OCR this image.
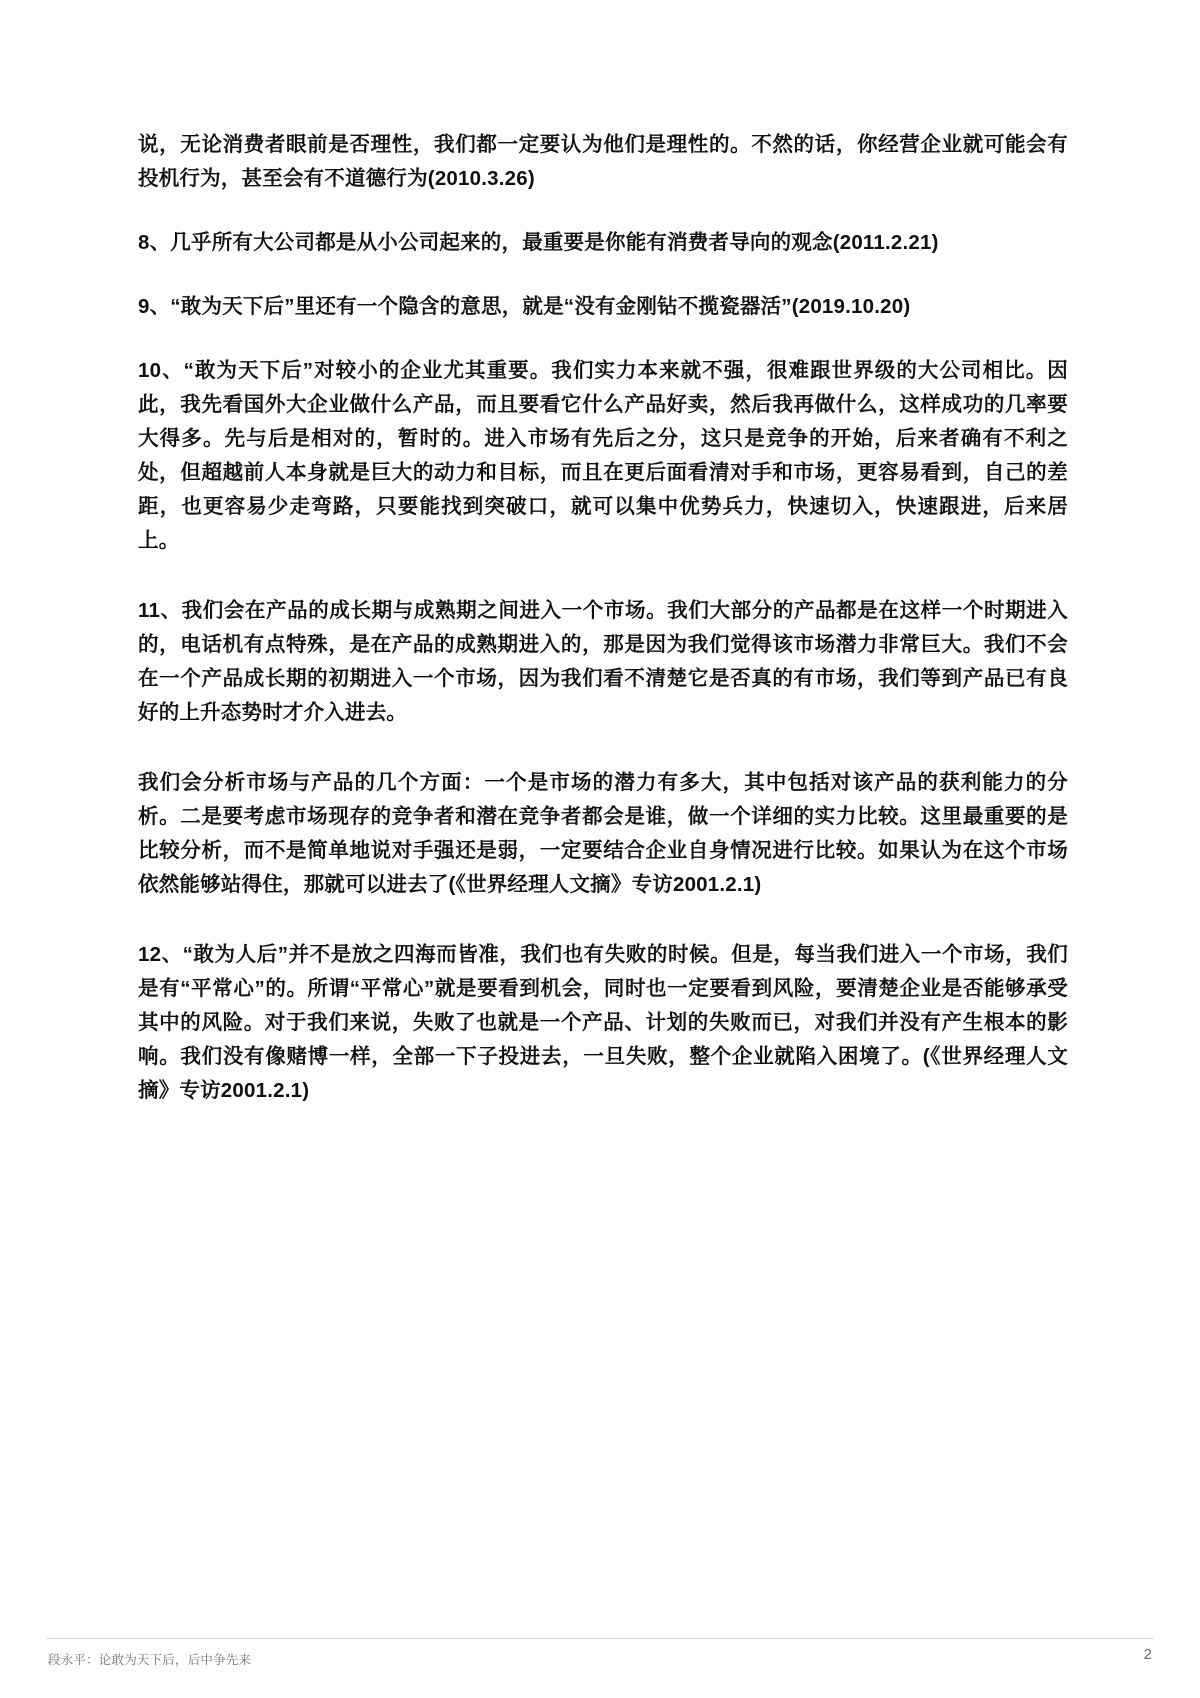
说，无论消费者眼前是否理性，我们都一定要认为他们是理性的。不然的话，你经营企业就可能会有投机行为，甚至会有不道德行为(2010.3.26)

8、几乎所有大公司都是从小公司起来的，最重要是你能有消费者导向的观念(2011.2.21)

9、“敢为天下后”里还有一个隐含的意思，就是“没有金刚钻不揽瓷器活”(2019.10.20)

10、“敢为天下后”对较小的企业尤其重要。我们实力本来就不强，很难跟世界级的大公司相比。因此，我先看国外大企业做什么产品，而且要看它什么产品好卖，然后我再做什么，这样成功的几率要大得多。先与后是相对的，暂时的。进入市场有先后之分，这只是竞争的开始，后来者确有不利之处，但超越前人本身就是巨大的动力和目标，而且在更后面看清对手和市场，更容易看到，自己的差距，也更容易少走弯路，只要能找到突破口，就可以集中优势兵力，快速切入，快速跟进，后来居上。

11、我们会在产品的成长期与成熟期之间进入一个市场。我们大部分的产品都是在这样一个时期进入的，电话机有点特殊，是在产品的成熟期进入的，那是因为我们觉得该市场潜力非常巨大。我们不会在一个产品成长期的初期进入一个市场，因为我们看不清楚它是否真的有市场，我们等到产品已有良好的上升态势时才介入进去。

我们会分析市场与产品的几个方面：一个是市场的潜力有多大，其中包括对该产品的获利能力的分析。二是要考虑市场现存的竞争者和潜在竞争者都会是谁，做一个详细的实力比较。这里最重要的是比较分析，而不是简单地说对手强还是弱，一定要结合企业自身情况进行比较。如果认为在这个市场依然能够站得住，那就可以进去了(《世界经理人文摘》专访2001.2.1)

12、“敢为人后”并不是放之四海而皆准，我们也有失败的时候。但是，每当我们进入一个市场，我们是有“平常心”的。所谓“平常心”就是要看到机会，同时也一定要看到风险，要清楚企业是否能够承受其中的风险。对于我们来说，失败了也就是一个产品、计划的失败而已，对我们并没有产生根本的影响。我们没有像赌博一样，全部一下子投进去，一旦失败，整个企业就陷入困境了。(《世界经理人文摘》专访2001.2.1)

段永平：论敢为天下后，后中争先来	2
